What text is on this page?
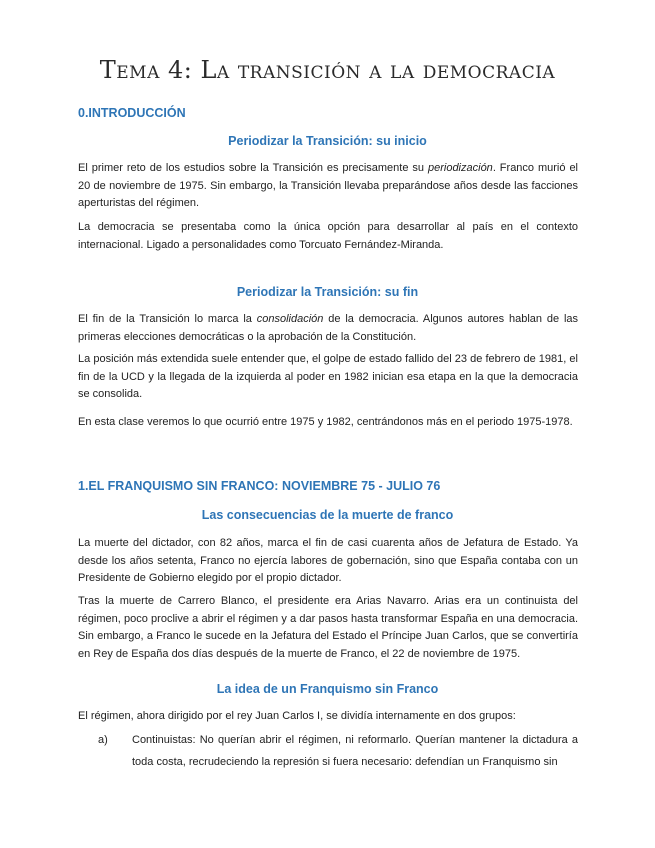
Tema 4: La transición a la democracia
0.INTRODUCCIÓN
Periodizar la Transición: su inicio
El primer reto de los estudios sobre la Transición es precisamente su periodización. Franco murió el 20 de noviembre de 1975. Sin embargo, la Transición llevaba preparándose años desde las facciones aperturistas del régimen.
La democracia se presentaba como la única opción para desarrollar al país en el contexto internacional. Ligado a personalidades como Torcuato Fernández-Miranda.
Periodizar la Transición: su fin
El fin de la Transición lo marca la consolidación de la democracia. Algunos autores hablan de las primeras elecciones democráticas o la aprobación de la Constitución.
La posición más extendida suele entender que, el golpe de estado fallido del 23 de febrero de 1981, el fin de la UCD y la llegada de la izquierda al poder en 1982 inician esa etapa en la que la democracia se consolida.
En esta clase veremos lo que ocurrió entre 1975 y 1982, centrándonos más en el periodo 1975-1978.
1.EL FRANQUISMO SIN FRANCO: NOVIEMBRE 75 - JULIO 76
Las consecuencias de la muerte de franco
La muerte del dictador, con 82 años, marca el fin de casi cuarenta años de Jefatura de Estado. Ya desde los años setenta, Franco no ejercía labores de gobernación, sino que España contaba con un Presidente de Gobierno elegido por el propio dictador.
Tras la muerte de Carrero Blanco, el presidente era Arias Navarro. Arias era un continuista del régimen, poco proclive a abrir el régimen y a dar pasos hasta transformar España en una democracia. Sin embargo, a Franco le sucede en la Jefatura del Estado el Príncipe Juan Carlos, que se convertiría en Rey de España dos días después de la muerte de Franco, el 22 de noviembre de 1975.
La idea de un Franquismo sin Franco
El régimen, ahora dirigido por el rey Juan Carlos I, se dividía internamente en dos grupos:
a) Continuistas: No querían abrir el régimen, ni reformarlo. Querían mantener la dictadura a toda costa, recrudeciendo la represión si fuera necesario: defendían un Franquismo sin
